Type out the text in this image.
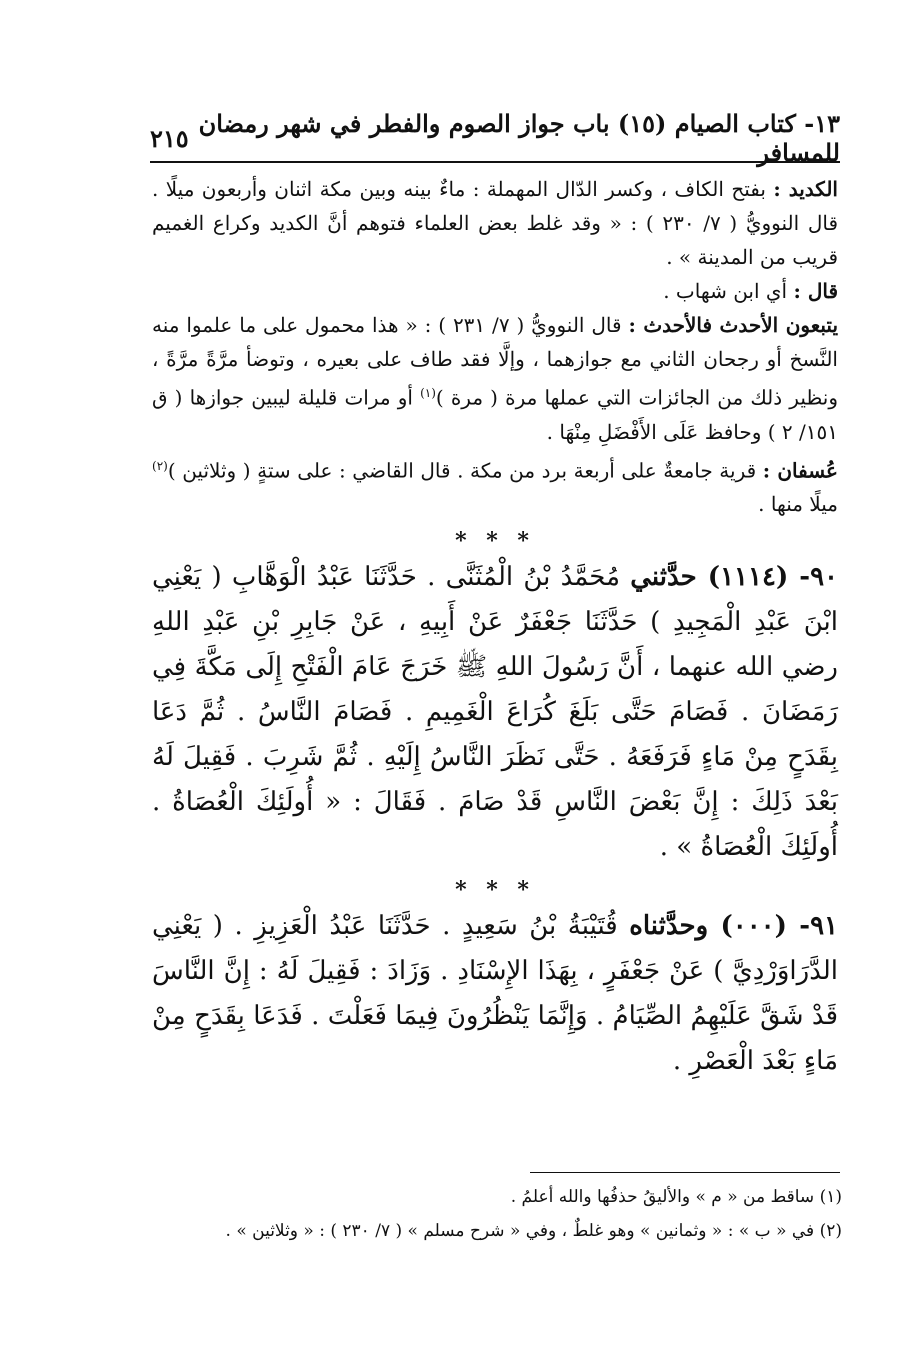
١٣- كتاب الصيام (١٥) باب جواز الصوم والفطر في شهر رمضان للمسافر
٢١٥

الكديد : بفتح الكاف ، وكسر الدّال المهملة : ماءٌ بينه وبين مكة اثنان وأربعون ميلًا . قال النوويُّ ( ٧/ ٢٣٠ ) : « وقد غلط بعض العلماء فتوهم أنَّ الكديد وكراع الغميم قريب من المدينة » .

قال : أي ابن شهاب .

يتبعون الأحدث فالأحدث : قال النوويُّ ( ٧/ ٢٣١ ) : « هذا محمول على ما علموا منه النَّسخ أو رجحان الثاني مع جوازهما ، وإلَّا فقد طاف على بعيره ، وتوضأ مرَّةً مرَّةً ، ونظير ذلك من الجائزات التي عملها مرة ( مرة )$^{(١)}$ أو مرات قليلة ليبين جوازها ( ق ١٥١/ ٢ ) وحافظ عَلَى الأَفْضَلِ مِنْهَا .

عُسفان : قرية جامعةٌ على أربعة برد من مكة . قال القاضي : على ستةٍ ( وثلاثين )$^{(٢)}$ ميلًا منها .

* * *

٩٠- (١١١٤) حدَّثني مُحَمَّدُ بْنُ الْمُثَنَّى . حَدَّثَنَا عَبْدُ الْوَهَّابِ ( يَعْنِي ابْنَ عَبْدِ الْمَجِيدِ ) حَدَّثَنَا جَعْفَرٌ عَنْ أَبِيهِ ، عَنْ جَابِرِ بْنِ عَبْدِ اللهِ رضي الله عنهما ، أَنَّ رَسُولَ اللهِ ﷺ خَرَجَ عَامَ الْفَتْحِ إِلَى مَكَّةَ فِي رَمَضَانَ . فَصَامَ حَتَّى بَلَغَ كُرَاعَ الْغَمِيمِ . فَصَامَ النَّاسُ . ثُمَّ دَعَا بِقَدَحٍ مِنْ مَاءٍ فَرَفَعَهُ . حَتَّى نَظَرَ النَّاسُ إِلَيْهِ . ثُمَّ شَرِبَ . فَقِيلَ لَهُ بَعْدَ ذَلِكَ : إِنَّ بَعْضَ النَّاسِ قَدْ صَامَ . فَقَالَ : « أُولَئِكَ الْعُصَاةُ . أُولَئِكَ الْعُصَاةُ » .

* * *

٩١- (٠٠٠) وحدَّثناه قُتَيْبَةُ بْنُ سَعِيدٍ . حَدَّثَنَا عَبْدُ الْعَزِيزِ . ( يَعْنِي الدَّرَاوَرْدِيَّ ) عَنْ جَعْفَرٍ ، بِهَذَا الإِسْنَادِ . وَزَادَ : فَقِيلَ لَهُ : إِنَّ النَّاسَ قَدْ شَقَّ عَلَيْهِمُ الصِّيَامُ . وَإِنَّمَا يَنْظُرُونَ فِيمَا فَعَلْتَ . فَدَعَا بِقَدَحٍ مِنْ مَاءٍ بَعْدَ الْعَصْرِ .

(١) ساقط من « م » والأليقُ حذفُها والله أعلمُ .
(٢) في « ب » : « وثمانين » وهو غلطٌ ، وفي « شرح مسلم » ( ٧/ ٢٣٠ ) : « وثلاثين » .
